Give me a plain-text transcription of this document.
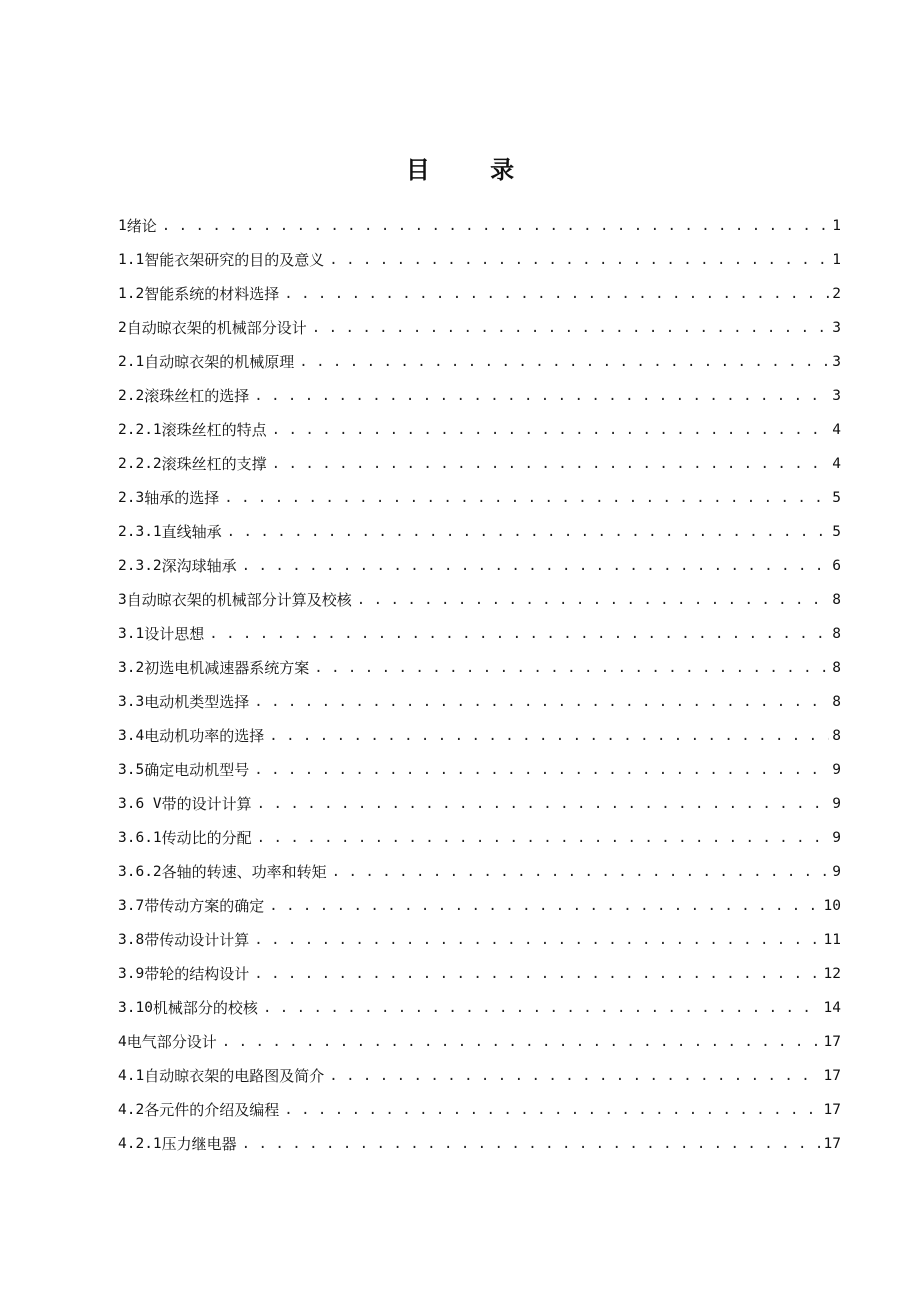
目 录
1 绪论 . . .	1
1.1 智能衣架研究的目的及意义 . . .	1
1.2 智能系统的材料选择 . . .	2
2 自动晾衣架的机械部分设计 . . .	3
2.1 自动晾衣架的机械原理 . . .	3
2.2 滚珠丝杠的选择 . . .	3
2.2.1 滚珠丝杠的特点 . . .	4
2.2.2 滚珠丝杠的支撑 . . .	4
2.3 轴承的选择 . . .	5
2.3.1 直线轴承 . . .	5
2.3.2 深沟球轴承 . . .	6
3 自动晾衣架的机械部分计算及校核 . . .	8
3.1 设计思想 . . .	8
3.2 初选电机减速器系统方案 . . .	8
3.3 电动机类型选择 . . .	8
3.4 电动机功率的选择 . . .	8
3.5 确定电动机型号 . . .	9
3.6 V 带的设计计算 . . .	9
3.6.1 传动比的分配 . . .	9
3.6.2 各轴的转速、功率和转矩 . . .	9
3.7 带传动方案的确定 . . .	10
3.8 带传动设计计算 . . .	11
3.9 带轮的结构设计 . . .	12
3.10 机械部分的校核 . . .	14
4 电气部分设计 . . .	17
4.1 自动晾衣架的电路图及简介 . . .	17
4.2 各元件的介绍及编程 . . .	17
4.2.1 压力继电器 . . .	17
